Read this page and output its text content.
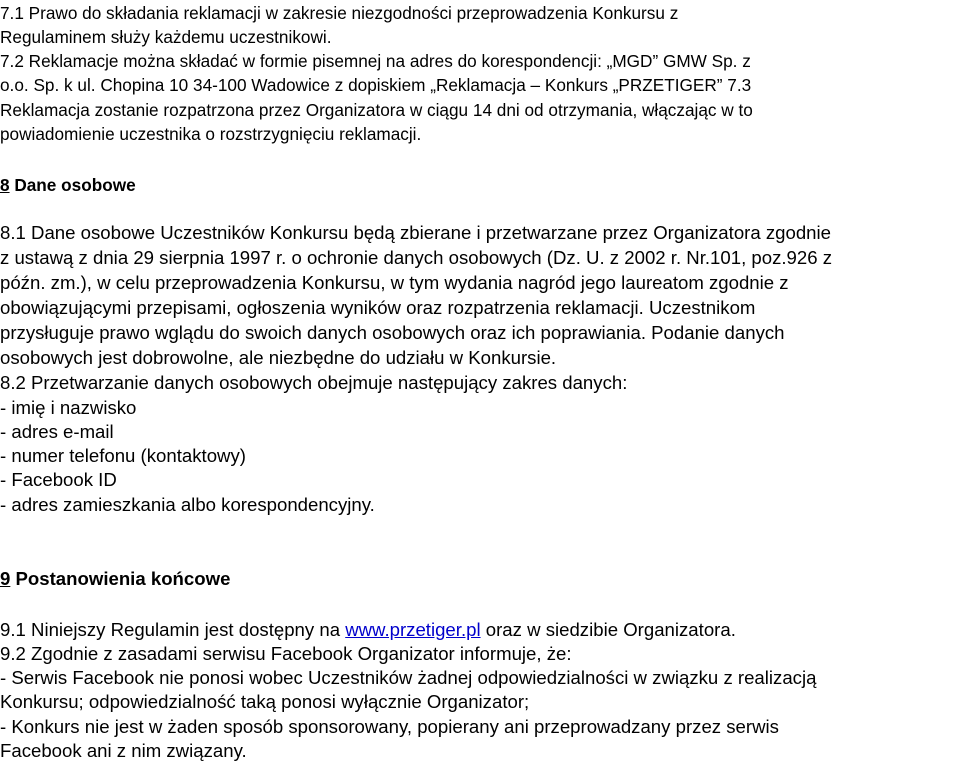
7.1 Prawo do składania reklamacji w zakresie niezgodności przeprowadzenia Konkursu z
Regulaminem służy każdemu uczestnikowi.
7.2 Reklamacje można składać w formie pisemnej na adres do korespondencji: „MGD” GMW Sp. z
o.o. Sp. k ul. Chopina 10 34-100 Wadowice z dopiskiem „Reklamacja – Konkurs „PRZETIGER” 7.3
Reklamacja zostanie rozpatrzona przez Organizatora w ciągu 14 dni od otrzymania, włączając w to
powiadomienie uczestnika o rozstrzygnięciu reklamacji.
8 Dane osobowe
8.1 Dane osobowe Uczestników Konkursu będą zbierane i przetwarzane przez Organizatora zgodnie
z ustawą z dnia 29 sierpnia 1997 r. o ochronie danych osobowych (Dz. U. z 2002 r. Nr.101, poz.926 z
późn. zm.), w celu przeprowadzenia Konkursu, w tym wydania nagród jego laureatom zgodnie z
obowiązującymi przepisami, ogłoszenia wyników oraz rozpatrzenia reklamacji. Uczestnikom
przysługuje prawo wglądu do swoich danych osobowych oraz ich poprawiania. Podanie danych
osobowych jest dobrowolne, ale niezbędne do udziału w Konkursie.
8.2 Przetwarzanie danych osobowych obejmuje następujący zakres danych:
- imię i nazwisko
- adres e-mail
- numer telefonu (kontaktowy)
- Facebook ID
- adres zamieszkania albo korespondencyjny.
9 Postanowienia końcowe
9.1 Niniejszy Regulamin jest dostępny na www.przetiger.pl oraz w siedzibie Organizatora.
9.2 Zgodnie z zasadami serwisu Facebook Organizator informuje, że:
- Serwis Facebook nie ponosi wobec Uczestników żadnej odpowiedzialności w związku z realizacją
Konkursu; odpowiedzialność taką ponosi wyłącznie Organizator;
- Konkurs nie jest w żaden sposób sponsorowany, popierany ani przeprowadzany przez serwis
Facebook ani z nim związany.
